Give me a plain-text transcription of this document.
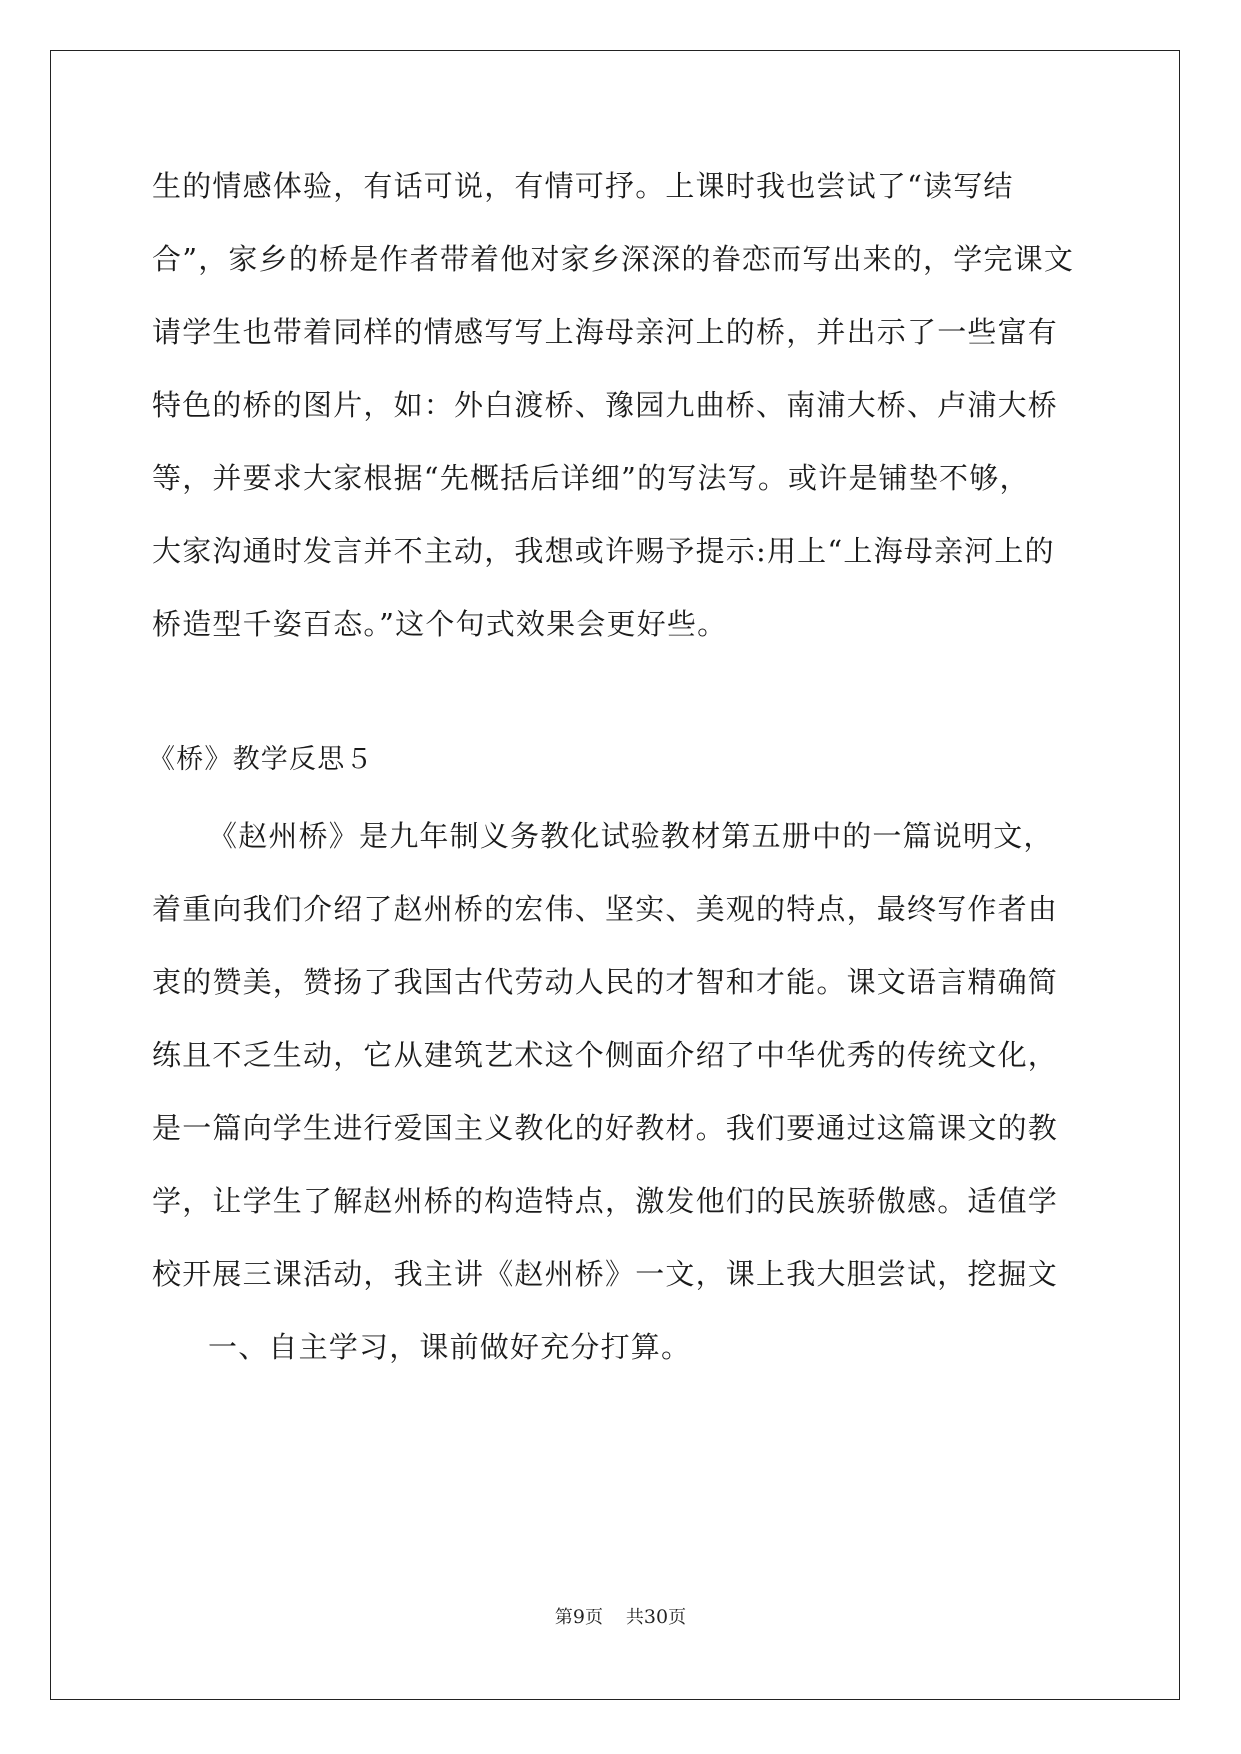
生的情感体验，有话可说，有情可抒。上课时我也尝试了“读写结
合”，家乡的桥是作者带着他对家乡深深的眷恋而写出来的，学完课文
请学生也带着同样的情感写写上海母亲河上的桥，并出示了一些富有
特色的桥的图片，如：外白渡桥、豫园九曲桥、南浦大桥、卢浦大桥
等，并要求大家根据“先概括后详细”的写法写。或许是铺垫不够，
大家沟通时发言并不主动，我想或许赐予提示:用上“上海母亲河上的
桥造型千姿百态。”这个句式效果会更好些。
《桥》教学反思５
《赵州桥》是九年制义务教化试验教材第五册中的一篇说明文，
着重向我们介绍了赵州桥的宏伟、坚实、美观的特点，最终写作者由
衷的赞美，赞扬了我国古代劳动人民的才智和才能。课文语言精确简
练且不乏生动，它从建筑艺术这个侧面介绍了中华优秀的传统文化，
是一篇向学生进行爱国主义教化的好教材。我们要通过这篇课文的教
学，让学生了解赵州桥的构造特点，激发他们的民族骄傲感。适值学
校开展三课活动，我主讲《赵州桥》一文，课上我大胆尝试，挖掘文
一、自主学习，课前做好充分打算。
第9页 共30页
